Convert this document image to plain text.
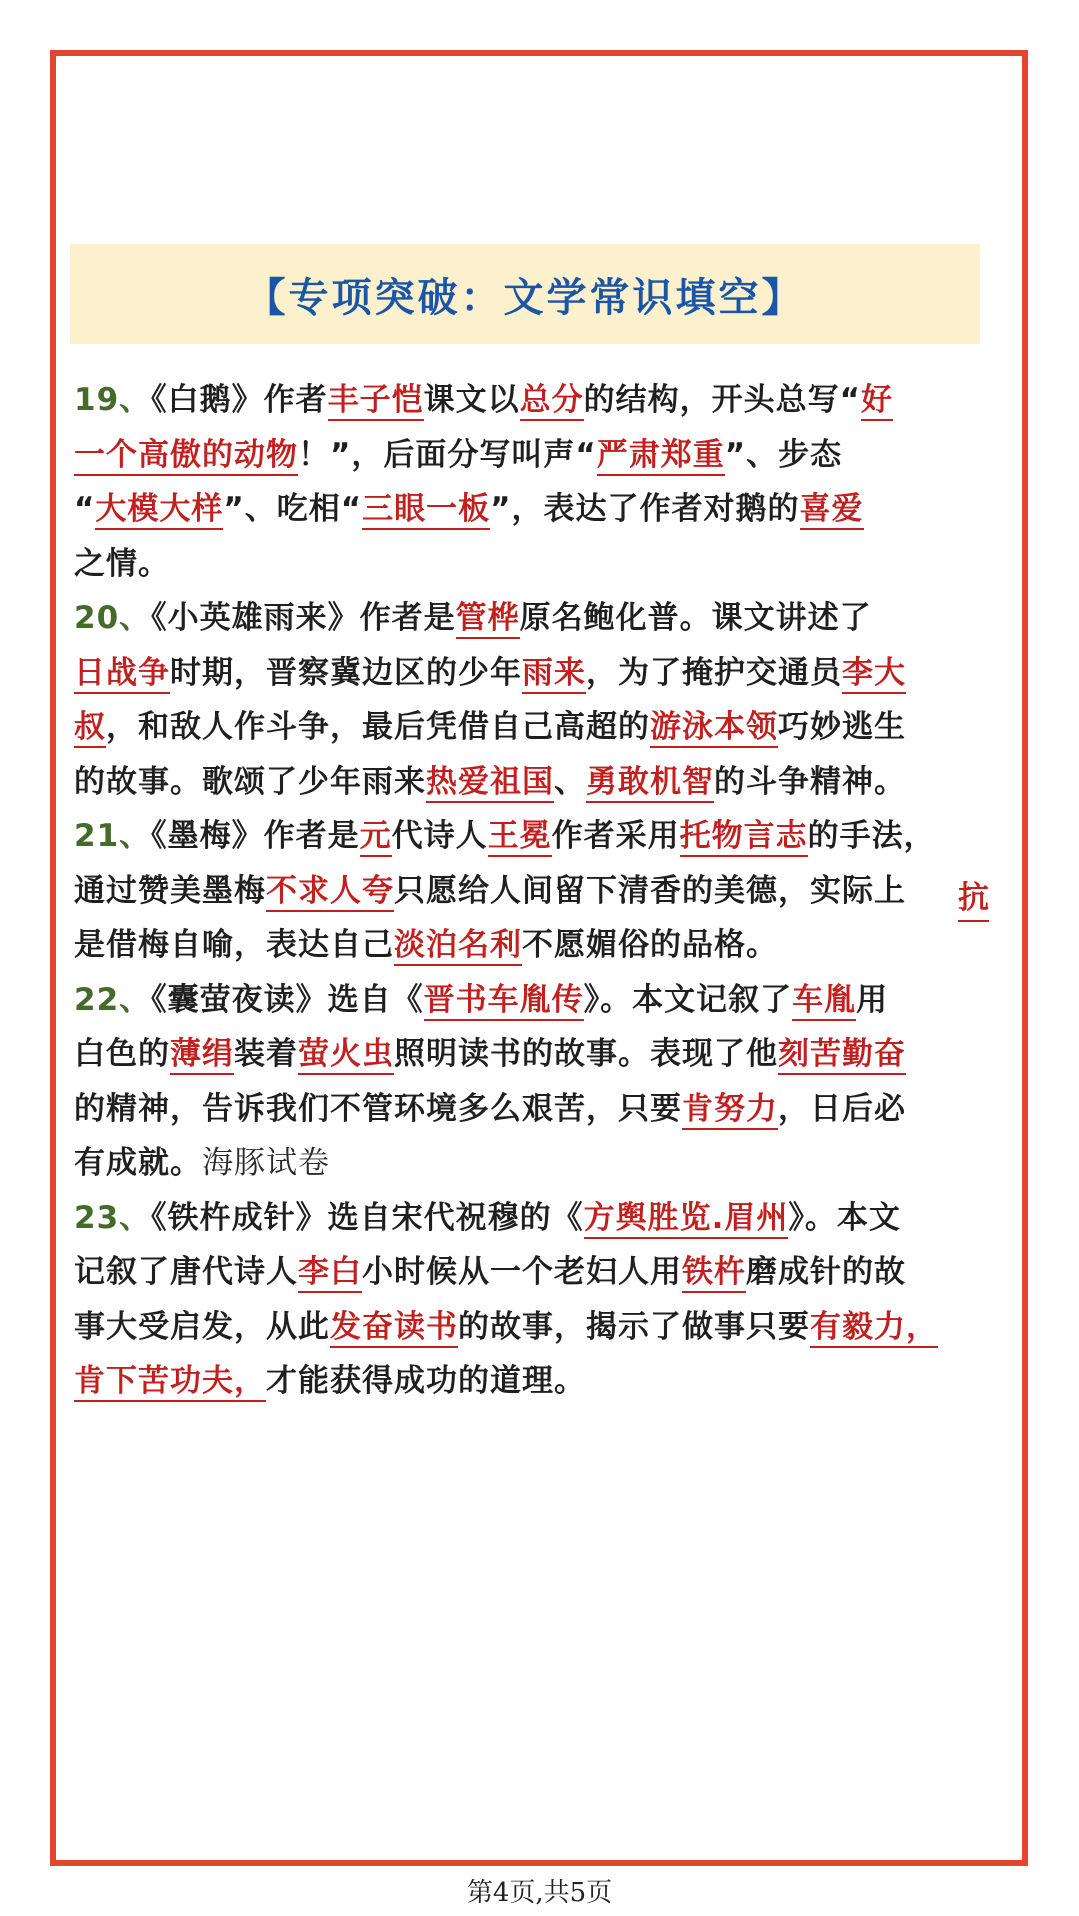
【专项突破：文学常识填空】
19、《白鹅》作者丰子恺课文以总分的结构，开头总写“好
一个高傲的动物！”，后面分写叫声“严肃郑重”、步态
“大模大样”、吃相“三眼一板”，表达了作者对鹅的喜爱
之情。
20、《小英雄雨来》作者是管桦原名鲍化普。课文讲述了
日战争时期，晋察冀边区的少年雨来，为了掩护交通员李大
叔，和敌人作斗争，最后凭借自己高超的游泳本领巧妙逃生
的故事。歌颂了少年雨来热爱祖国、勇敢机智的斗争精神。
21、《墨梅》作者是元代诗人王冕作者采用托物言志的手法，
通过赞美墨梅不求人夸只愿给人间留下清香的美德，实际上
是借梅自喻，表达自己淡泊名利不愿媚俗的品格。
22、《囊萤夜读》选自《晋书车胤传》。本文记叙了车胤用
白色的薄绢装着萤火虫照明读书的故事。表现了他刻苦勤奋
的精神，告诉我们不管环境多么艰苦，只要肯努力，日后必
有成就。海豚试卷
23、《铁杵成针》选自宋代祝穆的《方舆胜览.眉州》。本文
记叙了唐代诗人李白小时候从一个老妇人用铁杵磨成针的故
事大受启发，从此发奋读书的故事，揭示了做事只要有毅力，
肯下苦功夫，才能获得成功的道理。
抗
第4页,共5页
